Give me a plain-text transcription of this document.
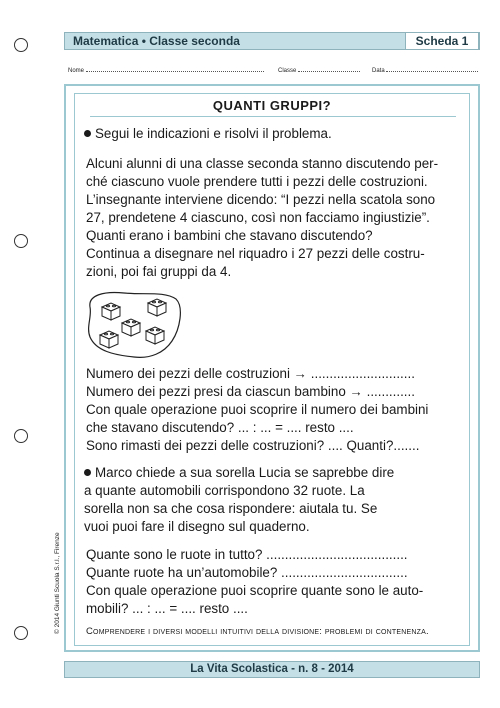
Matematica • Classe seconda	Scheda 1
Nome	Classe	Data
QUANTI GRUPPI?
Segui le indicazioni e risolvi il problema.
Alcuni alunni di una classe seconda stanno discutendo per-
ché ciascuno vuole prendere tutti i pezzi delle costruzioni.
L’insegnante interviene dicendo: “I pezzi nella scatola sono
27, prendetene 4 ciascuno, così non facciamo ingiustizie”.
Quanti erano i bambini che stavano discutendo?
Continua a disegnare nel riquadro i 27 pezzi delle costru-
zioni, poi fai gruppi da 4.
Numero dei pezzi delle costruzioni → ............................
Numero dei pezzi presi da ciascun bambino → .............
Con quale operazione puoi scoprire il numero dei bambini
che stavano discutendo? ... : ... = .... resto ....
Sono rimasti dei pezzi delle costruzioni? .... Quanti?.......
Marco chiede a sua sorella Lucia se saprebbe dire
a quante automobili corrispondono 32 ruote. La
sorella non sa che cosa rispondere: aiutala tu. Se
vuoi puoi fare il disegno sul quaderno.
Quante sono le ruote in tutto? ......................................
Quante ruote ha un’automobile? ..................................
Con quale operazione puoi scoprire quante sono le auto-
mobili? ... : ... = .... resto ....
Comprendere i diversi modelli intuitivi della divisione: problemi di contenenza.
La Vita Scolastica - n. 8 - 2014
© 2014 Giunti Scuola S.r.l., Firenze
